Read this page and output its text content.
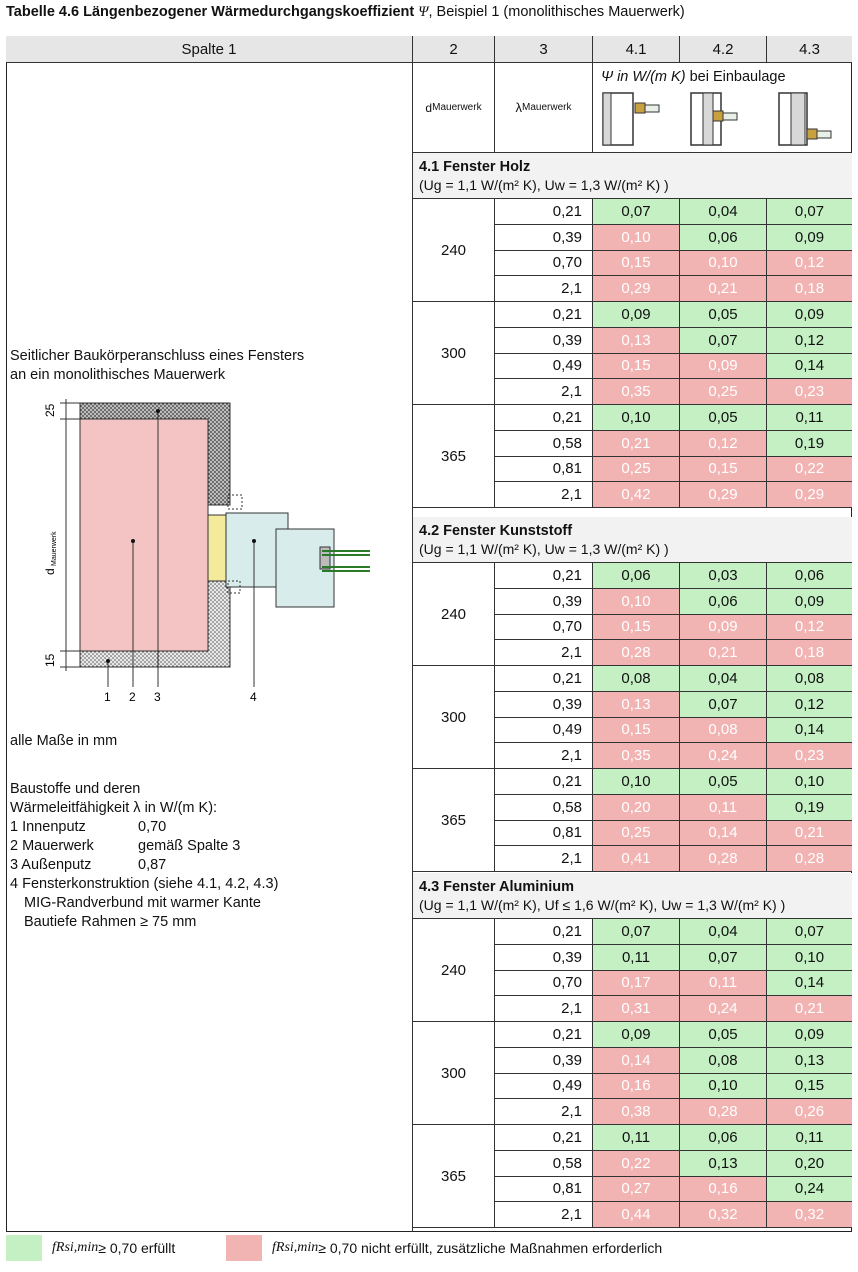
Tabelle 4.6 Längenbezogener Wärmedurchgangskoeffizient Ψ, Beispiel 1 (monolithisches Mauerwerk)
Spalte 1	2	3	4.1	4.2	4.3
d Mauerwerk	λ Mauerwerk
Ψ in W/(m K) bei Einbaulage
Seitlicher Baukörperanschluss eines Fensters
an ein monolithisches Mauerwerk
25
15
d
Mauerwerk
1 2 3	4
alle Maße in mm
Baustoffe und deren
Wärmeleitfähigkeit λ in W/(m K):
1 Innenputz	0,70
2 Mauerwerk	gemäß Spalte 3
3 Außenputz	0,87
4 Fensterkonstruktion (siehe 4.1, 4.2, 4.3)
MIG-Randverbund mit warmer Kante
Bautiefe Rahmen ≥ 75 mm
4.1 Fenster Holz
(Ug = 1,1 W/(m² K), Uw = 1,3 W/(m² K) )
240
0,21	0,07	0,04	0,07
0,39	0,10	0,06	0,09
0,70	0,15	0,10	0,12
2,1	0,29	0,21	0,18
300
0,21	0,09	0,05	0,09
0,39	0,13	0,07	0,12
0,49	0,15	0,09	0,14
2,1	0,35	0,25	0,23
365
0,21	0,10	0,05	0,11
0,58	0,21	0,12	0,19
0,81	0,25	0,15	0,22
2,1	0,42	0,29	0,29
4.2 Fenster Kunststoff
(Ug = 1,1 W/(m² K), Uw = 1,3 W/(m² K) )
240
0,21	0,06	0,03	0,06
0,39	0,10	0,06	0,09
0,70	0,15	0,09	0,12
2,1	0,28	0,21	0,18
300
0,21	0,08	0,04	0,08
0,39	0,13	0,07	0,12
0,49	0,15	0,08	0,14
2,1	0,35	0,24	0,23
365
0,21	0,10	0,05	0,10
0,58	0,20	0,11	0,19
0,81	0,25	0,14	0,21
2,1	0,41	0,28	0,28
4.3 Fenster Aluminium
(Ug = 1,1 W/(m² K), Uf ≤ 1,6 W/(m² K), Uw = 1,3 W/(m² K) )
240
0,21	0,07	0,04	0,07
0,39	0,11	0,07	0,10
0,70	0,17	0,11	0,14
2,1	0,31	0,24	0,21
300
0,21	0,09	0,05	0,09
0,39	0,14	0,08	0,13
0,49	0,16	0,10	0,15
2,1	0,38	0,28	0,26
365
0,21	0,11	0,06	0,11
0,58	0,22	0,13	0,20
0,81	0,27	0,16	0,24
2,1	0,44	0,32	0,32
fRsi,min ≥ 0,70 erfüllt	fRsi,min ≥ 0,70 nicht erfüllt, zusätzliche Maßnahmen erforderlich
